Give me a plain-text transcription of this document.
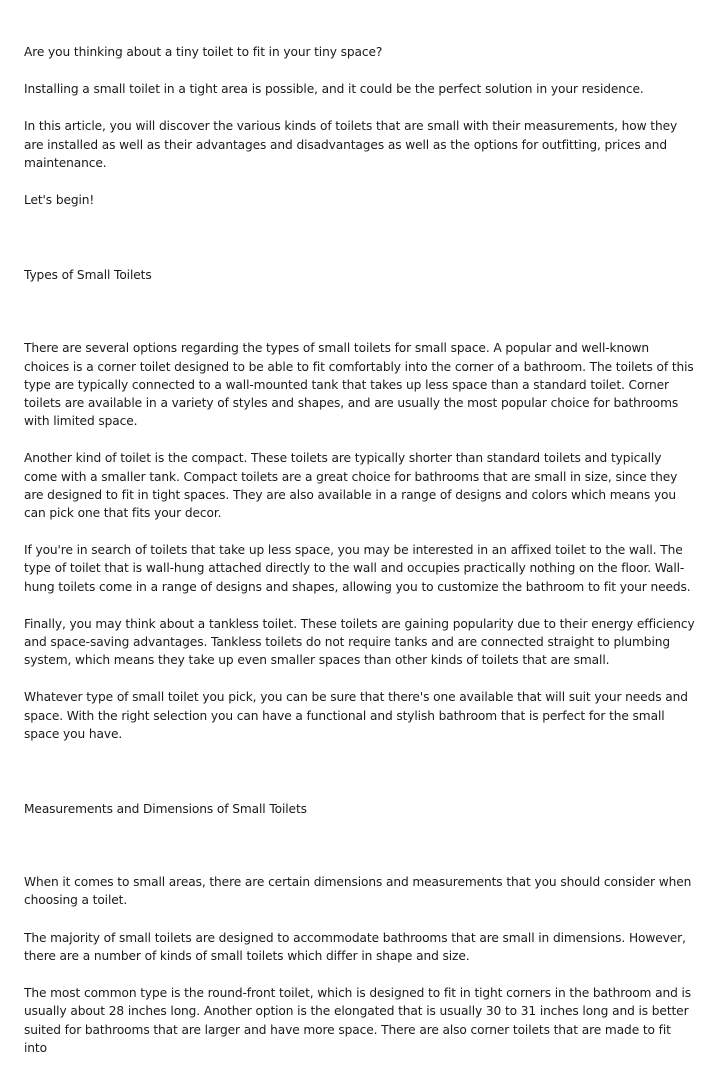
Are you thinking about a tiny toilet to fit in your tiny space?

Installing a small toilet in a tight area is possible, and it could be the perfect solution in your residence.

In this article, you will discover the various kinds of toilets that are small with their measurements, how they are installed as well as their advantages and disadvantages as well as the options for outfitting, prices and maintenance.

Let's begin!

Types of Small Toilets

There are several options regarding the types of small toilets for small space. A popular and well-known choices is a corner toilet designed to be able to fit comfortably into the corner of a bathroom. The toilets of this type are typically connected to a wall-mounted tank that takes up less space than a standard toilet. Corner toilets are available in a variety of styles and shapes, and are usually the most popular choice for bathrooms with limited space.

Another kind of toilet is the compact. These toilets are typically shorter than standard toilets and typically come with a smaller tank. Compact toilets are a great choice for bathrooms that are small in size, since they are designed to fit in tight spaces. They are also available in a range of designs and colors which means you can pick one that fits your decor.

If you're in search of toilets that take up less space, you may be interested in an affixed toilet to the wall. The type of toilet that is wall-hung attached directly to the wall and occupies practically nothing on the floor. Wall-hung toilets come in a range of designs and shapes, allowing you to customize the bathroom to fit your needs.

Finally, you may think about a tankless toilet. These toilets are gaining popularity due to their energy efficiency and space-saving advantages. Tankless toilets do not require tanks and are connected straight to plumbing system, which means they take up even smaller spaces than other kinds of toilets that are small.

Whatever type of small toilet you pick, you can be sure that there's one available that will suit your needs and space. With the right selection you can have a functional and stylish bathroom that is perfect for the small space you have.

Measurements and Dimensions of Small Toilets

When it comes to small areas, there are certain dimensions and measurements that you should consider when choosing a toilet.

The majority of small toilets are designed to accommodate bathrooms that are small in dimensions. However, there are a number of kinds of small toilets which differ in shape and size.

The most common type is the round-front toilet, which is designed to fit in tight corners in the bathroom and is usually about 28 inches long. Another option is the elongated that is usually 30 to 31 inches long and is better suited for bathrooms that are larger and have more space. There are also corner toilets that are made to fit into
